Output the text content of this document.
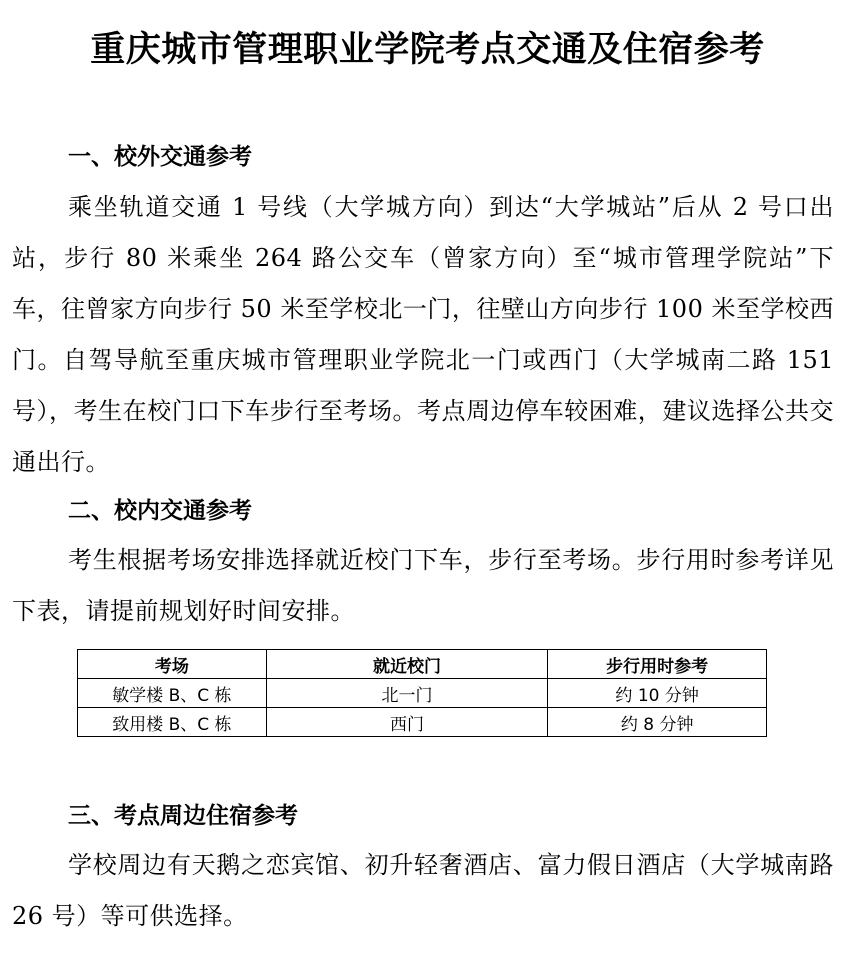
重庆城市管理职业学院考点交通及住宿参考
一、校外交通参考
乘坐轨道交通 1 号线（大学城方向）到达“大学城站”后从 2 号口出站，步行 80 米乘坐 264 路公交车（曾家方向）至“城市管理学院站”下车，往曾家方向步行 50 米至学校北一门，往壁山方向步行 100 米至学校西门。自驾导航至重庆城市管理职业学院北一门或西门（大学城南二路 151 号），考生在校门口下车步行至考场。考点周边停车较困难，建议选择公共交通出行。
二、校内交通参考
考生根据考场安排选择就近校门下车，步行至考场。步行用时参考详见下表，请提前规划好时间安排。
考场	就近校门	步行用时参考
敏学楼 B、C 栋	北一门	约 10 分钟
致用楼 B、C 栋	西门	约 8 分钟
三、考点周边住宿参考
学校周边有天鹅之恋宾馆、初升轻奢酒店、富力假日酒店（大学城南路 26 号）等可供选择。
